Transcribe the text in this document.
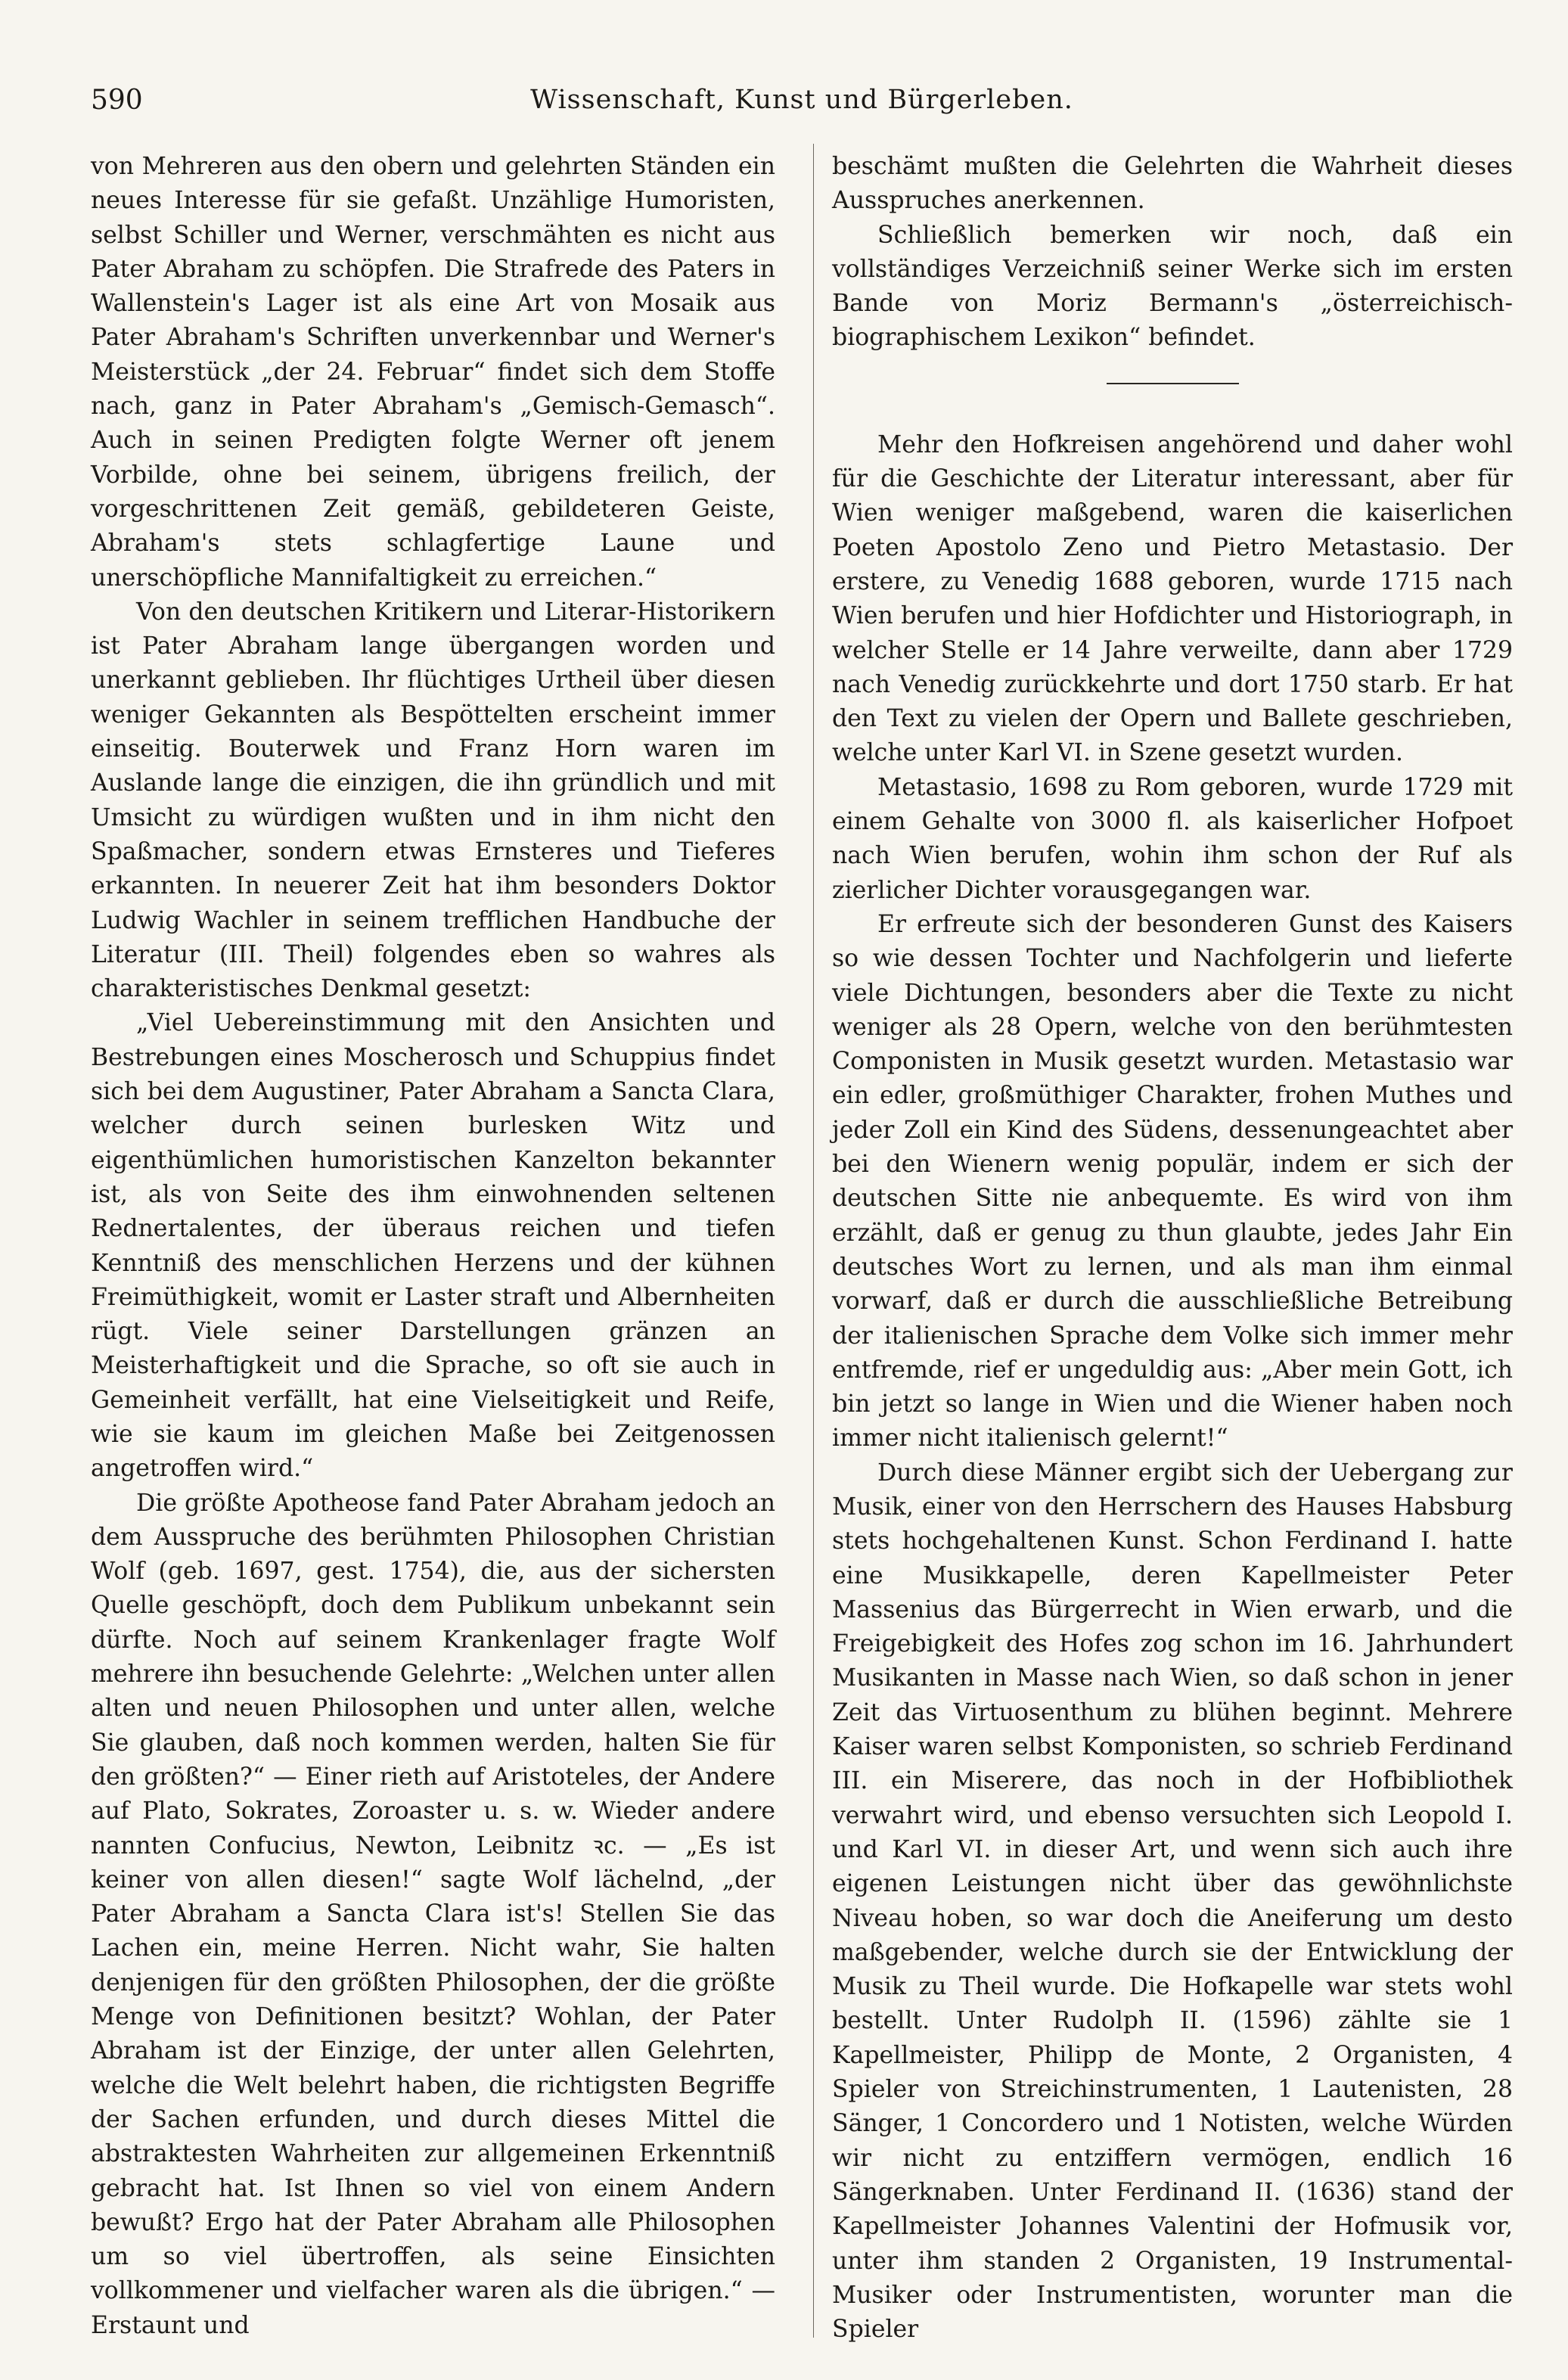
590	Wissenschaft, Kunst und Bürgerleben.

von Mehreren aus den obern und gelehrten Ständen ein neues Interesse für sie gefaßt. Unzählige Humoristen, selbst Schiller und Werner, verschmähten es nicht aus Pater Abraham zu schöpfen. Die Strafrede des Paters in Wallenstein's Lager ist als eine Art von Mosaik aus Pater Abraham's Schriften unverkennbar und Werner's Meisterstück „der 24. Februar“ findet sich dem Stoffe nach, ganz in Pater Abraham's „Gemisch-Gemasch“. Auch in seinen Predigten folgte Werner oft jenem Vorbilde, ohne bei seinem, übrigens freilich, der vorgeschrittenen Zeit gemäß, gebildeteren Geiste, Abraham's stets schlagfertige Laune und unerschöpfliche Mannifaltigkeit zu erreichen.“

Von den deutschen Kritikern und Literar-Historikern ist Pater Abraham lange übergangen worden und unerkannt geblieben. Ihr flüchtiges Urtheil über diesen weniger Gekannten als Bespöttelten erscheint immer einseitig. Bouterwek und Franz Horn waren im Auslande lange die einzigen, die ihn gründlich und mit Umsicht zu würdigen wußten und in ihm nicht den Spaßmacher, sondern etwas Ernsteres und Tieferes erkannten. In neuerer Zeit hat ihm besonders Doktor Ludwig Wachler in seinem trefflichen Handbuche der Literatur (III. Theil) folgendes eben so wahres als charakteristisches Denkmal gesetzt:

„Viel Uebereinstimmung mit den Ansichten und Bestrebungen eines Moscherosch und Schuppius findet sich bei dem Augustiner, Pater Abraham a Sancta Clara, welcher durch seinen burlesken Witz und eigenthümlichen humoristischen Kanzelton bekannter ist, als von Seite des ihm einwohnenden seltenen Rednertalentes, der überaus reichen und tiefen Kenntniß des menschlichen Herzens und der kühnen Freimüthigkeit, womit er Laster straft und Albernheiten rügt. Viele seiner Darstellungen gränzen an Meisterhaftigkeit und die Sprache, so oft sie auch in Gemeinheit verfällt, hat eine Vielseitigkeit und Reife, wie sie kaum im gleichen Maße bei Zeitgenossen angetroffen wird.“

Die größte Apotheose fand Pater Abraham jedoch an dem Ausspruche des berühmten Philosophen Christian Wolf (geb. 1697, gest. 1754), die, aus der sichersten Quelle geschöpft, doch dem Publikum unbekannt sein dürfte. Noch auf seinem Krankenlager fragte Wolf mehrere ihn besuchende Gelehrte: „Welchen unter allen alten und neuen Philosophen und unter allen, welche Sie glauben, daß noch kommen werden, halten Sie für den größten?“ — Einer rieth auf Aristoteles, der Andere auf Plato, Sokrates, Zoroaster u. s. w. Wieder andere nannten Confucius, Newton, Leibnitz ꝛc. — „Es ist keiner von allen diesen!“ sagte Wolf lächelnd, „der Pater Abraham a Sancta Clara ist's! Stellen Sie das Lachen ein, meine Herren. Nicht wahr, Sie halten denjenigen für den größten Philosophen, der die größte Menge von Definitionen besitzt? Wohlan, der Pater Abraham ist der Einzige, der unter allen Gelehrten, welche die Welt belehrt haben, die richtigsten Begriffe der Sachen erfunden, und durch dieses Mittel die abstraktesten Wahrheiten zur allgemeinen Erkenntniß gebracht hat. Ist Ihnen so viel von einem Andern bewußt? Ergo hat der Pater Abraham alle Philosophen um so viel übertroffen, als seine Einsichten vollkommener und vielfacher waren als die übrigen.“ — Erstaunt und

beschämt mußten die Gelehrten die Wahrheit dieses Ausspruches anerkennen.

Schließlich bemerken wir noch, daß ein vollständiges Verzeichniß seiner Werke sich im ersten Bande von Moriz Bermann's „österreichisch-biographischem Lexikon“ befindet.

Mehr den Hofkreisen angehörend und daher wohl für die Geschichte der Literatur interessant, aber für Wien weniger maßgebend, waren die kaiserlichen Poeten Apostolo Zeno und Pietro Metastasio. Der erstere, zu Venedig 1688 geboren, wurde 1715 nach Wien berufen und hier Hofdichter und Historiograph, in welcher Stelle er 14 Jahre verweilte, dann aber 1729 nach Venedig zurückkehrte und dort 1750 starb. Er hat den Text zu vielen der Opern und Ballete geschrieben, welche unter Karl VI. in Szene gesetzt wurden.

Metastasio, 1698 zu Rom geboren, wurde 1729 mit einem Gehalte von 3000 fl. als kaiserlicher Hofpoet nach Wien berufen, wohin ihm schon der Ruf als zierlicher Dichter vorausgegangen war.

Er erfreute sich der besonderen Gunst des Kaisers so wie dessen Tochter und Nachfolgerin und lieferte viele Dichtungen, besonders aber die Texte zu nicht weniger als 28 Opern, welche von den berühmtesten Componisten in Musik gesetzt wurden. Metastasio war ein edler, großmüthiger Charakter, frohen Muthes und jeder Zoll ein Kind des Südens, dessenungeachtet aber bei den Wienern wenig populär, indem er sich der deutschen Sitte nie anbequemte. Es wird von ihm erzählt, daß er genug zu thun glaubte, jedes Jahr Ein deutsches Wort zu lernen, und als man ihm einmal vorwarf, daß er durch die ausschließliche Betreibung der italienischen Sprache dem Volke sich immer mehr entfremde, rief er ungeduldig aus: „Aber mein Gott, ich bin jetzt so lange in Wien und die Wiener haben noch immer nicht italienisch gelernt!“

Durch diese Männer ergibt sich der Uebergang zur Musik, einer von den Herrschern des Hauses Habsburg stets hochgehaltenen Kunst. Schon Ferdinand I. hatte eine Musikkapelle, deren Kapellmeister Peter Massenius das Bürgerrecht in Wien erwarb, und die Freigebigkeit des Hofes zog schon im 16. Jahrhundert Musikanten in Masse nach Wien, so daß schon in jener Zeit das Virtuosenthum zu blühen beginnt. Mehrere Kaiser waren selbst Komponisten, so schrieb Ferdinand III. ein Miserere, das noch in der Hofbibliothek verwahrt wird, und ebenso versuchten sich Leopold I. und Karl VI. in dieser Art, und wenn sich auch ihre eigenen Leistungen nicht über das gewöhnlichste Niveau hoben, so war doch die Aneiferung um desto maßgebender, welche durch sie der Entwicklung der Musik zu Theil wurde. Die Hofkapelle war stets wohl bestellt. Unter Rudolph II. (1596) zählte sie 1 Kapellmeister, Philipp de Monte, 2 Organisten, 4 Spieler von Streichinstrumenten, 1 Lautenisten, 28 Sänger, 1 Concordero und 1 Notisten, welche Würden wir nicht zu entziffern vermögen, endlich 16 Sängerknaben. Unter Ferdinand II. (1636) stand der Kapellmeister Johannes Valentini der Hofmusik vor, unter ihm standen 2 Organisten, 19 Instrumental-Musiker oder Instrumentisten, worunter man die Spieler
